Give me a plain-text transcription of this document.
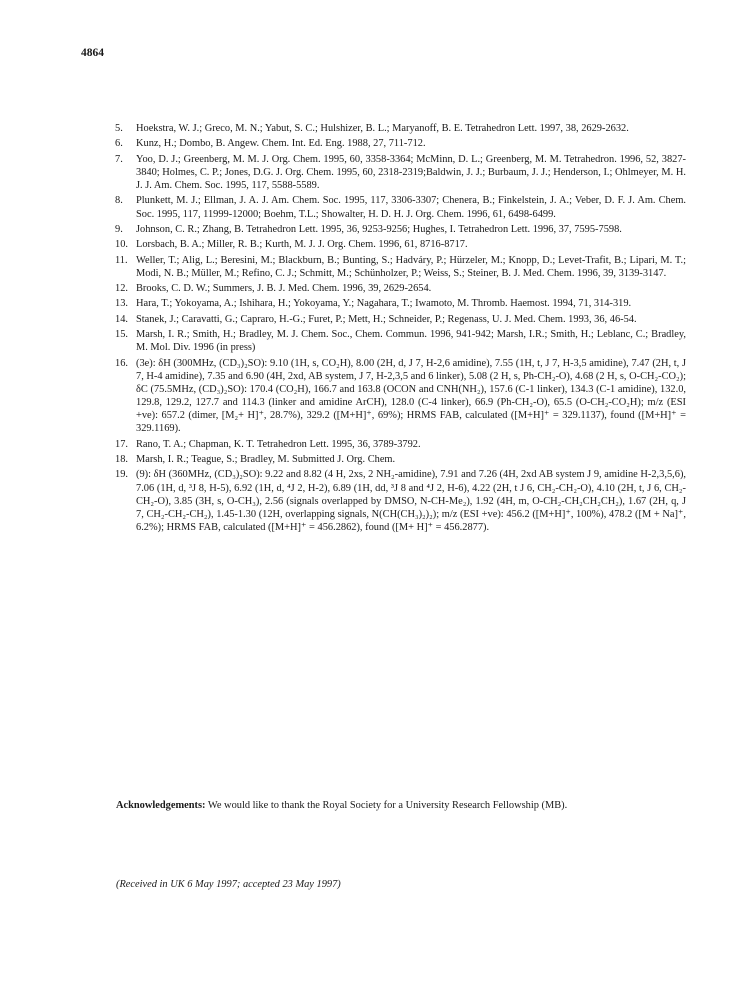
4864
5. Hoekstra, W. J.; Greco, M. N.; Yabut, S. C.; Hulshizer, B. L.; Maryanoff, B. E. Tetrahedron Lett. 1997, 38, 2629-2632.
6. Kunz, H.; Dombo, B. Angew. Chem. Int. Ed. Eng. 1988, 27, 711-712.
7. Yoo, D. J.; Greenberg, M. M. J. Org. Chem. 1995, 60, 3358-3364; McMinn, D. L.; Greenberg, M. M. Tetrahedron. 1996, 52, 3827-3840; Holmes, C. P.; Jones, D.G. J. Org. Chem. 1995, 60, 2318-2319;Baldwin, J. J.; Burbaum, J. J.; Henderson, I.; Ohlmeyer, M. H. J. J. Am. Chem. Soc. 1995, 117, 5588-5589.
8. Plunkett, M. J.; Ellman, J. A. J. Am. Chem. Soc. 1995, 117, 3306-3307; Chenera, B.; Finkelstein, J. A.; Veber, D. F. J. Am. Chem. Soc. 1995, 117, 11999-12000; Boehm, T.L.; Showalter, H. D. H. J. Org. Chem. 1996, 61, 6498-6499.
9. Johnson, C. R.; Zhang, B. Tetrahedron Lett. 1995, 36, 9253-9256; Hughes, I. Tetrahedron Lett. 1996, 37, 7595-7598.
10. Lorsbach, B. A.; Miller, R. B.; Kurth, M. J. J. Org. Chem. 1996, 61, 8716-8717.
11. Weller, T.; Alig, L.; Beresini, M.; Blackburn, B.; Bunting, S.; Hadváry, P.; Hürzeler, M.; Knopp, D.; Levet-Trafit, B.; Lipari, M. T.; Modi, N. B.; Müller, M.; Refino, C. J.; Schmitt, M.; Schünholzer, P.; Weiss, S.; Steiner, B. J. Med. Chem. 1996, 39, 3139-3147.
12. Brooks, C. D. W.; Summers, J. B. J. Med. Chem. 1996, 39, 2629-2654.
13. Hara, T.; Yokoyama, A.; Ishihara, H.; Yokoyama, Y.; Nagahara, T.; Iwamoto, M. Thromb. Haemost. 1994, 71, 314-319.
14. Stanek, J.; Caravatti, G.; Capraro, H.-G.; Furet, P.; Mett, H.; Schneider, P.; Regenass, U. J. Med. Chem. 1993, 36, 46-54.
15. Marsh, I. R.; Smith, H.; Bradley, M. J. Chem. Soc., Chem. Commun. 1996, 941-942; Marsh, I.R.; Smith, H.; Leblanc, C.; Bradley, M. Mol. Div. 1996 (in press)
16. (3e): δH (300MHz, (CD₃)₂SO): 9.10 (1H, s, CO₂H), 8.00 (2H, d, J 7, H-2,6 amidine), 7.55 (1H, t, J 7, H-3,5 amidine), 7.47 (2H, t, J 7, H-4 amidine), 7.35 and 6.90 (4H, 2xd, AB system, J 7, H-2,3,5 and 6 linker), 5.08 (2 H, s, Ph-CH₂-O), 4.68 (2 H, s, O-CH₂-CO₂); δC (75.5MHz, (CD₃)₂SO): 170.4 (CO₂H), 166.7 and 163.8 (OCON and CNH(NH₂), 157.6 (C-1 linker), 134.3 (C-1 amidine), 132.0, 129.8, 129.2, 127.7 and 114.3 (linker and amidine ArCH), 128.0 (C-4 linker), 66.9 (Ph-CH₂-O), 65.5 (O-CH₂-CO₂H); m/z (ESI +ve): 657.2 (dimer, [M₂+ H]⁺, 28.7%), 329.2 ([M+H]⁺, 69%); HRMS FAB, calculated ([M+H]⁺ = 329.1137), found ([M+H]⁺ = 329.1169).
17. Rano, T. A.; Chapman, K. T. Tetrahedron Lett. 1995, 36, 3789-3792.
18. Marsh, I. R.; Teague, S.; Bradley, M. Submitted J. Org. Chem.
19. (9): δH (360MHz, (CD₃)₂SO): 9.22 and 8.82 (4 H, 2xs, 2 NH₂-amidine), 7.91 and 7.26 (4H, 2xd AB system J 9, amidine H-2,3,5,6), 7.06 (1H, d, ³J 8, H-5), 6.92 (1H, d, ⁴J 2, H-2), 6.89 (1H, dd, ³J 8 and ⁴J 2, H-6), 4.22 (2H, t J 6, CH₂-CH₂-O), 4.10 (2H, t, J 6, CH₂-CH₂-O), 3.85 (3H, s, O-CH₃), 2.56 (signals overlapped by DMSO, N-CH-Me₂), 1.92 (4H, m, O-CH₂-CH₂CH₂CH₂), 1.67 (2H, q, J 7, CH₂-CH₂-CH₂), 1.45-1.30 (12H, overlapping signals, N(CH(CH₃)₂)₂); m/z (ESI +ve): 456.2 ([M+H]⁺, 100%), 478.2 ([M + Na]⁺, 6.2%); HRMS FAB, calculated ([M+H]⁺ = 456.2862), found ([M+ H]⁺ = 456.2877).

Acknowledgements: We would like to thank the Royal Society for a University Research Fellowship (MB).

(Received in UK 6 May 1997; accepted 23 May 1997)
